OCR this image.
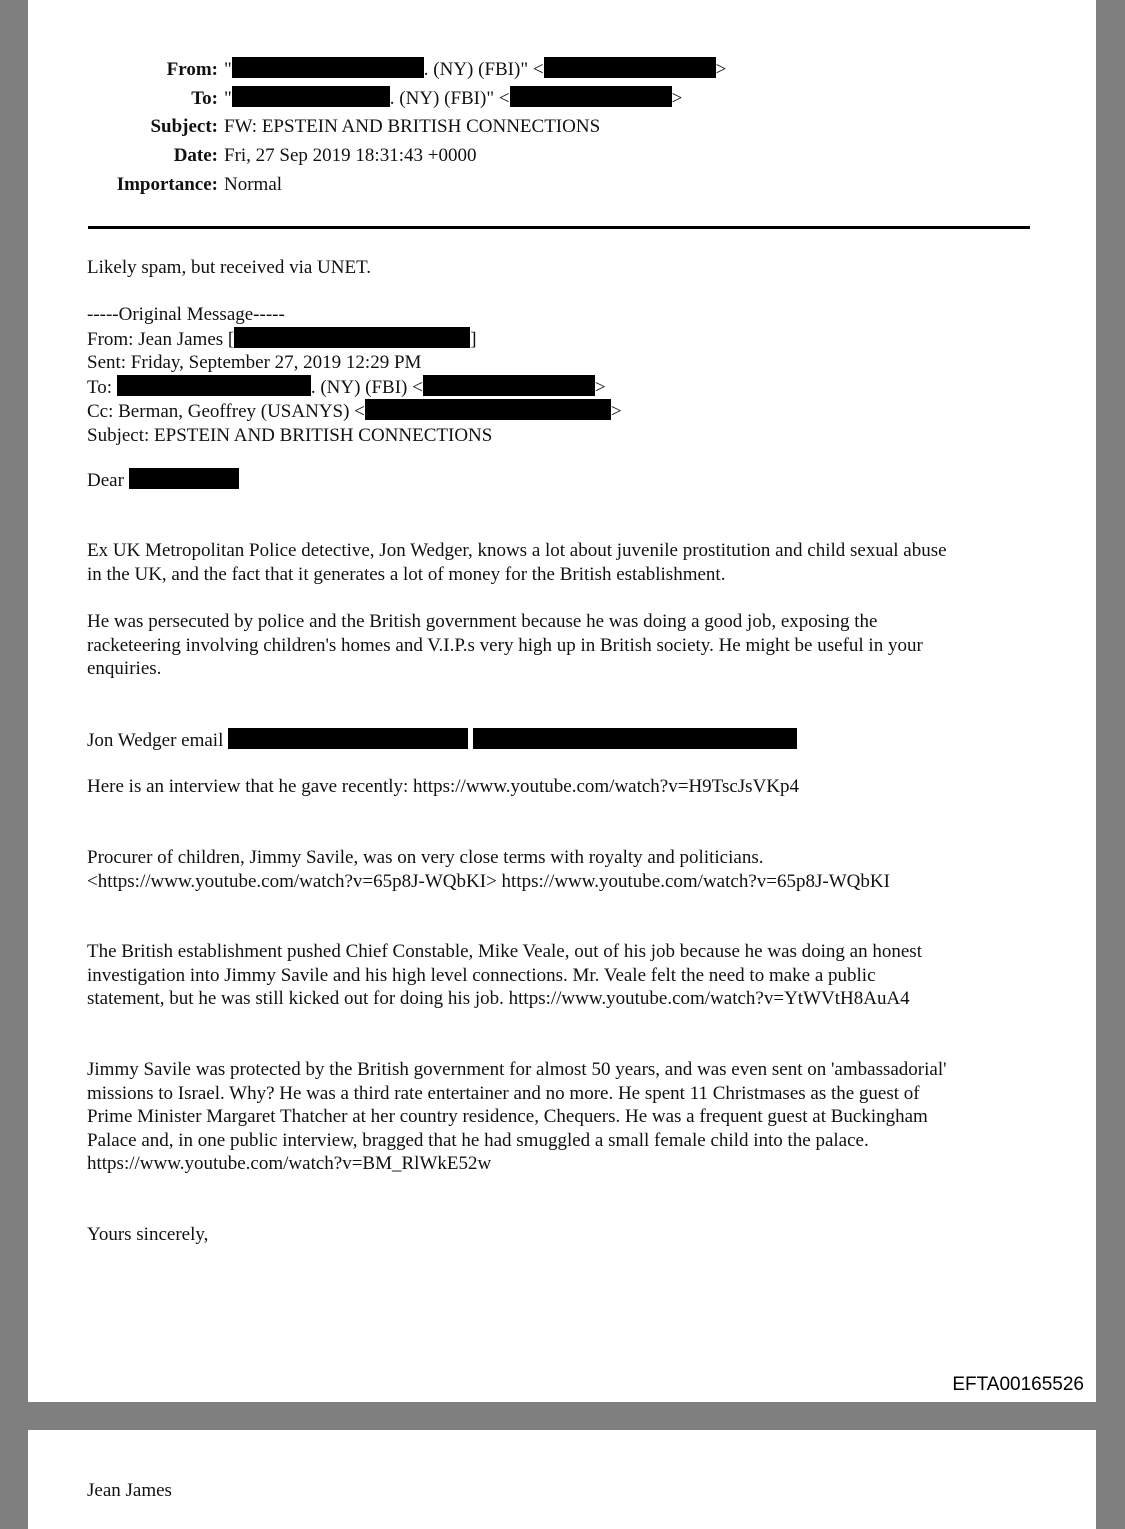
From: "	. (NY) (FBI)" <	>
To: "	. (NY) (FBI)" <	>
Subject: FW: EPSTEIN AND BRITISH CONNECTIONS
Date: Fri, 27 Sep 2019 18:31:43 +0000
Importance: Normal

Likely spam, but received via UNET.

-----Original Message-----
From: Jean James [	]
Sent: Friday, September 27, 2019 12:29 PM
To:	. (NY) (FBI) <	>
Cc: Berman, Geoffrey (USANYS) <	>
Subject: EPSTEIN AND BRITISH CONNECTIONS
Dear
Ex UK Metropolitan Police detective, Jon Wedger, knows a lot about juvenile prostitution and child sexual abuse
in the UK, and the fact that it generates a lot of money for the British establishment.
He was persecuted by police and the British government because he was doing a good job, exposing the
racketeering involving children's homes and V.I.P.s very high up in British society. He might be useful in your
enquiries.
Jon Wedger email
Here is an interview that he gave recently: https://www.youtube.com/watch?v=H9TscJsVKp4
Procurer of children, Jimmy Savile, was on very close terms with royalty and politicians.
<https://www.youtube.com/watch?v=65p8J-WQbKI> https://www.youtube.com/watch?v=65p8J-WQbKI
The British establishment pushed Chief Constable, Mike Veale, out of his job because he was doing an honest
investigation into Jimmy Savile and his high level connections. Mr. Veale felt the need to make a public
statement, but he was still kicked out for doing his job. https://www.youtube.com/watch?v=YtWVtH8AuA4
Jimmy Savile was protected by the British government for almost 50 years, and was even sent on 'ambassadorial'
missions to Israel. Why? He was a third rate entertainer and no more. He spent 11 Christmases as the guest of
Prime Minister Margaret Thatcher at her country residence, Chequers. He was a frequent guest at Buckingham
Palace and, in one public interview, bragged that he had smuggled a small female child into the palace.
https://www.youtube.com/watch?v=BM_RlWkE52w

Yours sincerely,

EFTA00165526

Jean James
